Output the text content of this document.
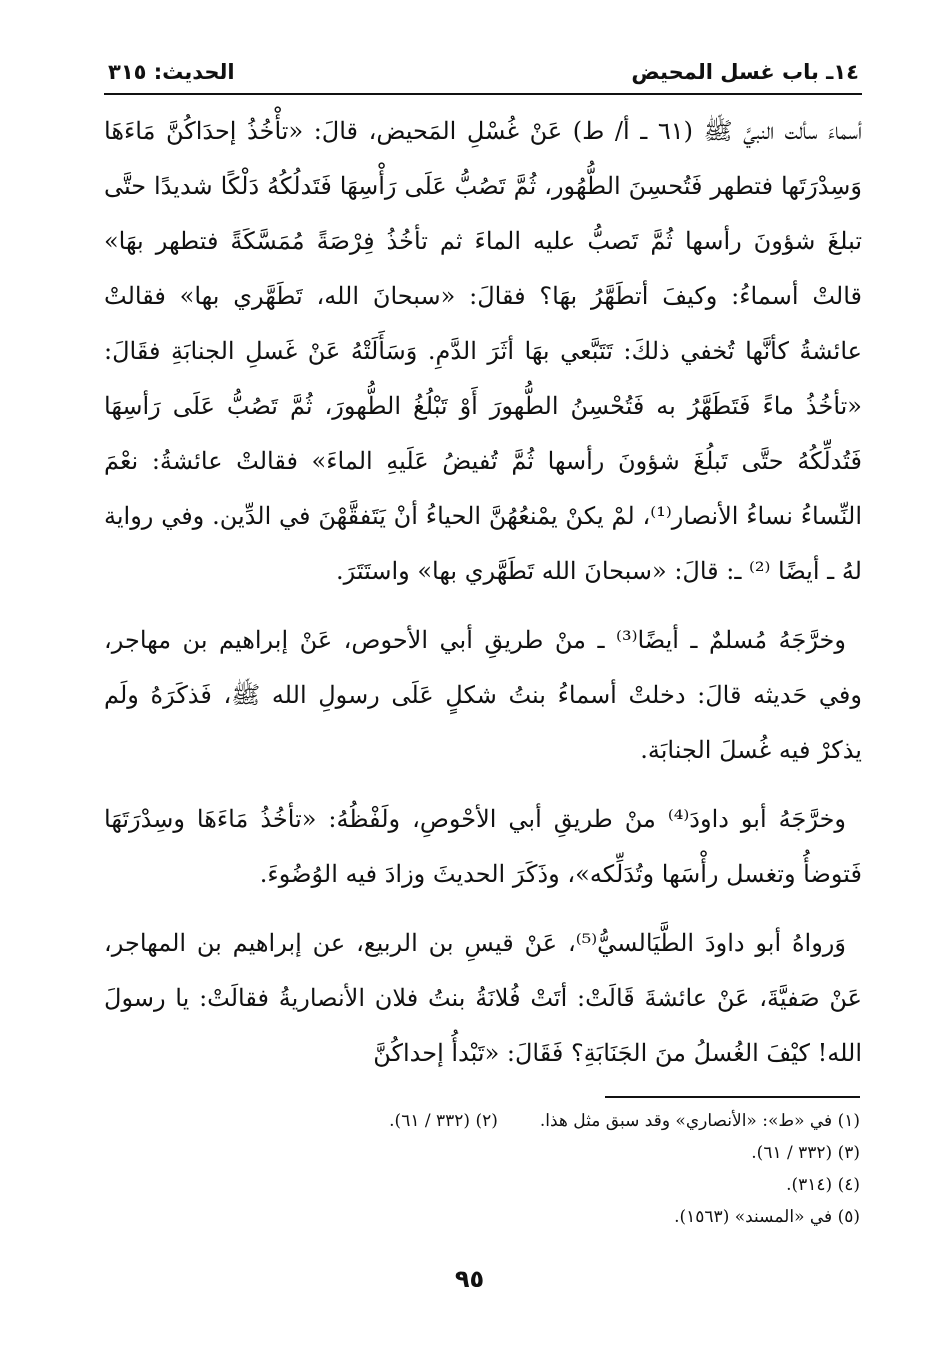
١٤ـ باب غسل المحيض
الحديث: ٣١٥

أسماءَ سألت النبيَّ ﷺ (٦١ ـ أ/ ط) عَنْ غُسْلِ المَحيض، قالَ: «تأْخُذُ إحدَاكُنَّ مَاءَهَا وَسِدْرَتَها فتطهر فَتُحسِنَ الطُّهُور، ثُمَّ تَصُبُّ عَلَى رَأْسِهَا فَتَدلُكُهُ دَلْكًا شديدًا حتَّى تبلغَ شؤونَ رأسها ثُمَّ تَصبُّ عليه الماءَ ثم تأخُذُ فِرْصَةً مُمَسَّكَةً فتطهر بهَا» قالتْ أسماءُ: وكيفَ أتطَهَّرُ بهَا؟ فقالَ: «سبحانَ الله، تَطَهَّري بها» فقالتْ عائشةُ كأنَّها تُخفي ذلكَ: تَتَبَّعي بهَا أثَرَ الدَّمِ. وَسَأَلَتْهُ عَنْ غَسلِ الجنابَةِ فقَالَ: «تأخُذُ ماءً فَتَطَهَّرُ به فَتُحْسِنُ الطُّهورَ أَوْ تَبْلُغُ الطُّهورَ، ثُمَّ تَصُبُّ عَلَى رَأسِهَا فَتُدلِّكُهُ حتَّى تَبلُغَ شؤونَ رأسها ثُمَّ تُفيضُ عَلَيهِ الماءَ» فقالتْ عائشةُ: نعْمَ النِّساءُ نساءُ الأنصار⁽¹⁾، لمْ يكنْ يمْنعُهُنَّ الحياءُ أنْ يَتَفقَّهْنَ في الدِّين. وفي رواية لهُ ـ أيضًا ⁽²⁾ ـ: قالَ: «سبحانَ الله تَطَهَّري بها» واستَتَرَ.

وخرَّجَهُ مُسلمٌ ـ أيضًا⁽³⁾ ـ منْ طريقِ أبي الأحوص، عَنْ إبراهيم بن مهاجر، وفي حَديثه قالَ: دخلتْ أسماءُ بنتُ شكلٍ عَلَى رسولِ الله ﷺ، فَذكَرَهُ ولَم يذكرْ فيه غُسلَ الجنابَة.

وخرَّجَهُ أبو داودَ⁽⁴⁾ منْ طريقِ أبي الأحْوصِ، ولَفْظُهُ: «تأخُذُ مَاءَهَا وسِدْرَتَهَا فَتوضأُ وتغسل رأْسَها وتُدَلِّكه»، وذَكَرَ الحديثَ وزادَ فيه الوُضُوءَ.

وَرواهُ أبو داودَ الطَّيَالسيُّ⁽⁵⁾، عَنْ قيسِ بن الربيع، عن إبراهيم بن المهاجر، عَنْ صَفيَّةَ، عَنْ عائشةَ قَالَتْ: أتَتْ فُلانَةُ بنتُ فلان الأنصاريةُ فقالَتْ: يا رسولَ الله! كيْفَ الغُسلُ منَ الجَنَابَةِ؟ فَقَالَ: «تَبْدأُ إحداكُنَّ

(١) في «ط»: «الأنصاري» وقد سبق مثل هذا.
(٢) (٣٣٢ / ٦١).
(٣) (٣٣٢ / ٦١).
(٤) (٣١٤).
(٥) في «المسند» (١٥٦٣).
٩٥
